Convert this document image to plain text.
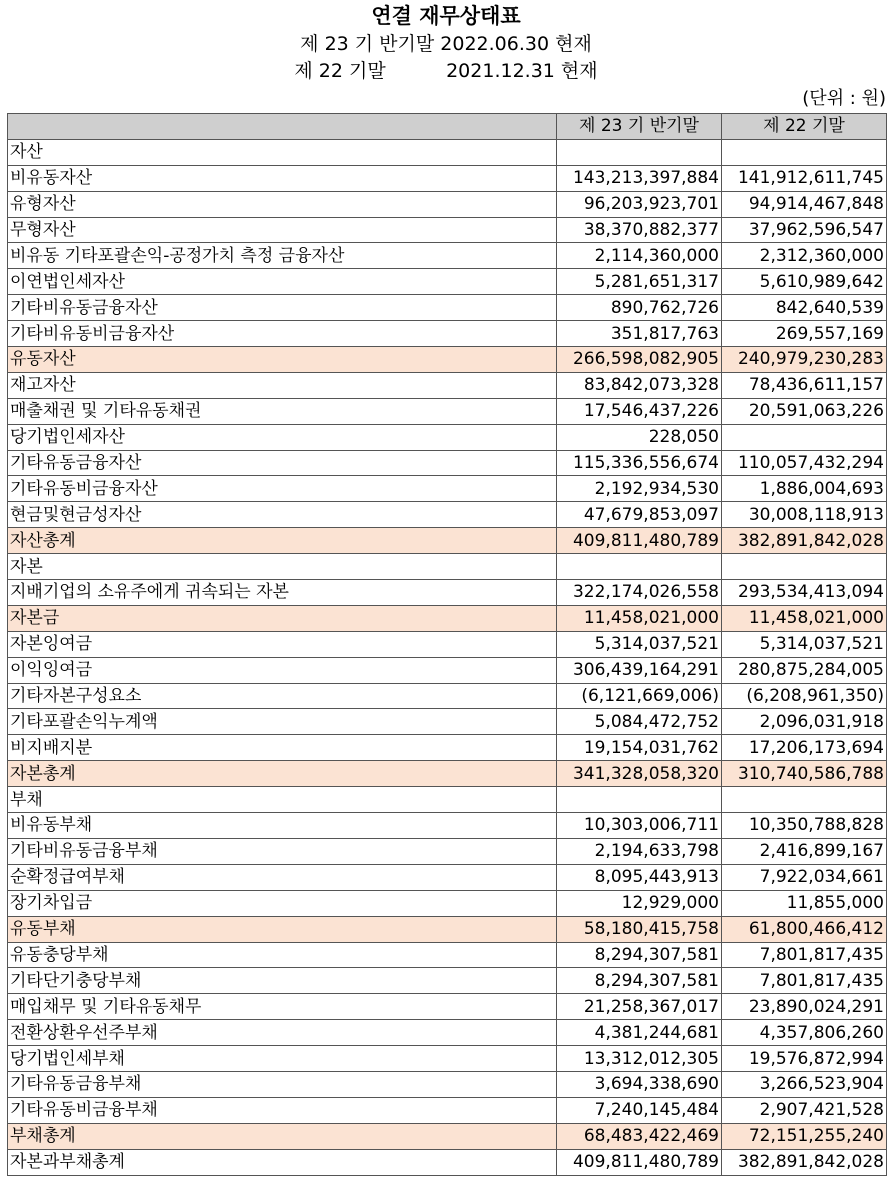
연결 재무상태표
제 23 기 반기말 2022.06.30 현재
제 22 기말          2021.12.31 현재
(단위 : 원)
	제 23 기 반기말	제 22 기말
자산		
비유동자산	143,213,397,884	141,912,611,745
유형자산	96,203,923,701	94,914,467,848
무형자산	38,370,882,377	37,962,596,547
비유동 기타포괄손익-공정가치 측정 금융자산	2,114,360,000	2,312,360,000
이연법인세자산	5,281,651,317	5,610,989,642
기타비유동금융자산	890,762,726	842,640,539
기타비유동비금융자산	351,817,763	269,557,169
유동자산	266,598,082,905	240,979,230,283
재고자산	83,842,073,328	78,436,611,157
매출채권 및 기타유동채권	17,546,437,226	20,591,063,226
당기법인세자산	228,050	
기타유동금융자산	115,336,556,674	110,057,432,294
기타유동비금융자산	2,192,934,530	1,886,004,693
현금및현금성자산	47,679,853,097	30,008,118,913
자산총계	409,811,480,789	382,891,842,028
자본		
지배기업의 소유주에게 귀속되는 자본	322,174,026,558	293,534,413,094
자본금	11,458,021,000	11,458,021,000
자본잉여금	5,314,037,521	5,314,037,521
이익잉여금	306,439,164,291	280,875,284,005
기타자본구성요소	(6,121,669,006)	(6,208,961,350)
기타포괄손익누계액	5,084,472,752	2,096,031,918
비지배지분	19,154,031,762	17,206,173,694
자본총계	341,328,058,320	310,740,586,788
부채		
비유동부채	10,303,006,711	10,350,788,828
기타비유동금융부채	2,194,633,798	2,416,899,167
순확정급여부채	8,095,443,913	7,922,034,661
장기차입금	12,929,000	11,855,000
유동부채	58,180,415,758	61,800,466,412
유동충당부채	8,294,307,581	7,801,817,435
기타단기충당부채	8,294,307,581	7,801,817,435
매입채무 및 기타유동채무	21,258,367,017	23,890,024,291
전환상환우선주부채	4,381,244,681	4,357,806,260
당기법인세부채	13,312,012,305	19,576,872,994
기타유동금융부채	3,694,338,690	3,266,523,904
기타유동비금융부채	7,240,145,484	2,907,421,528
부채총계	68,483,422,469	72,151,255,240
자본과부채총계	409,811,480,789	382,891,842,028
